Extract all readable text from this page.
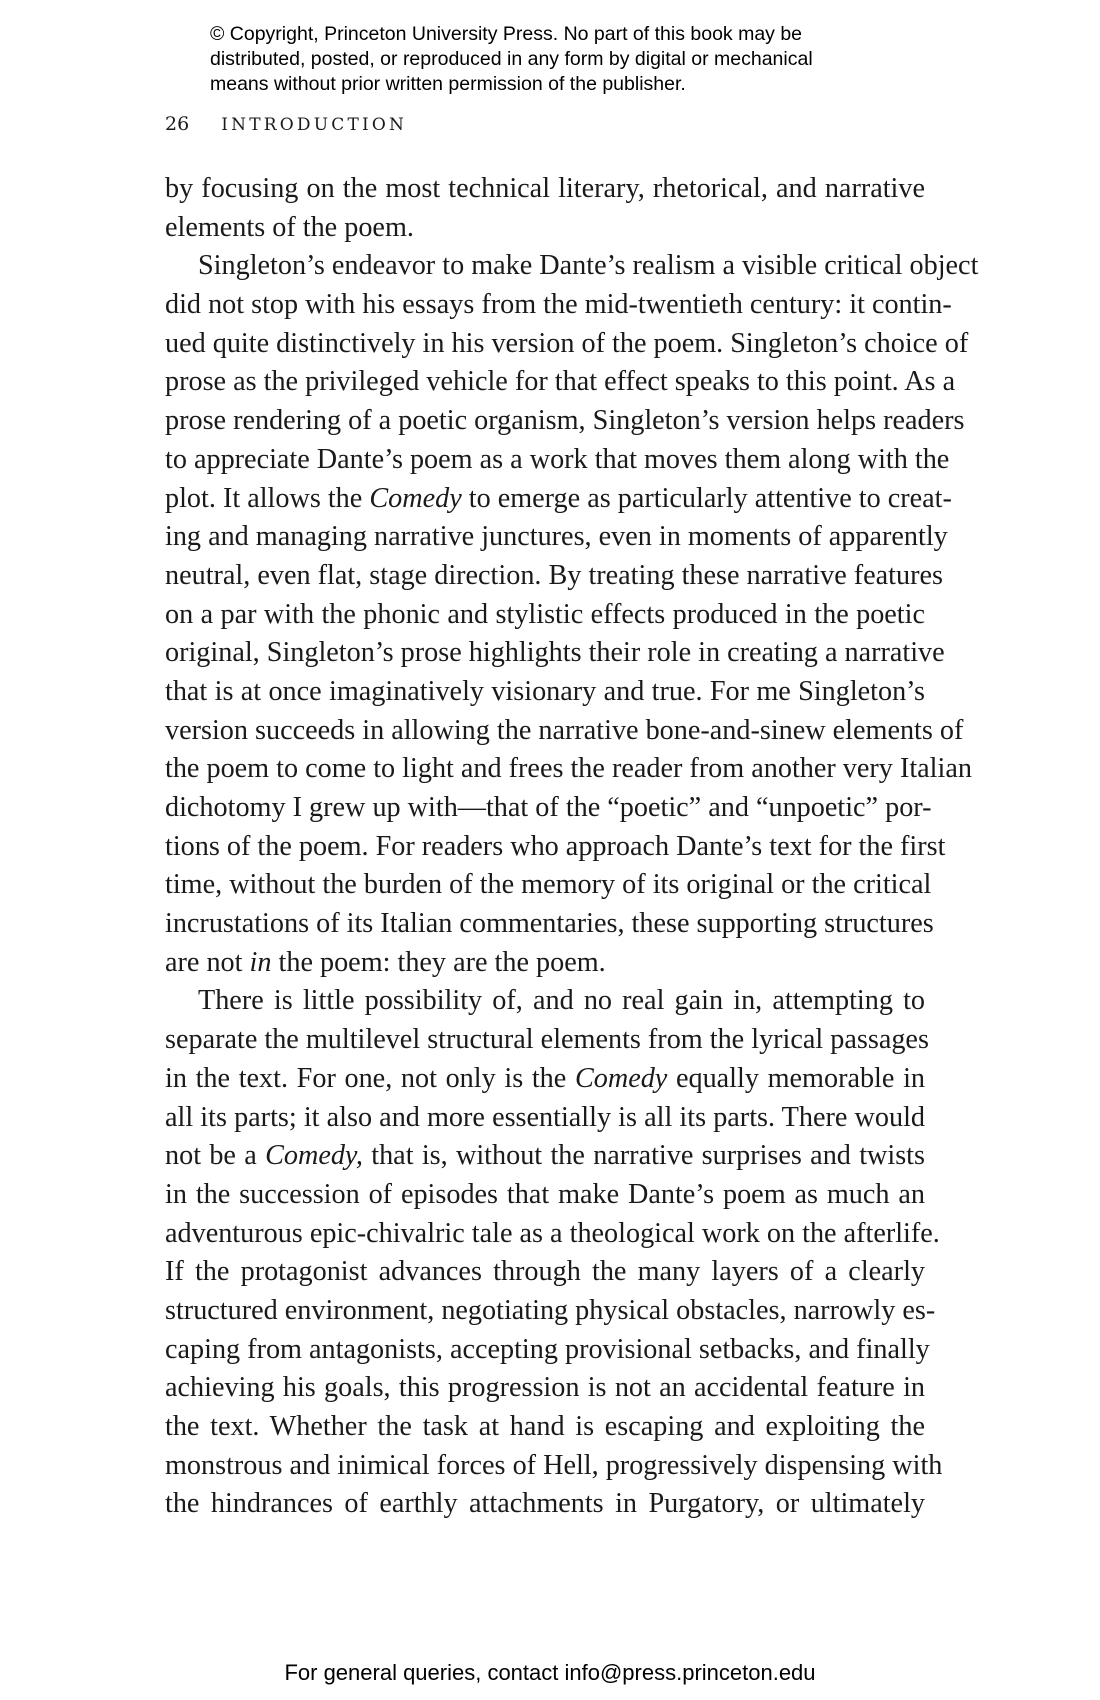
© Copyright, Princeton University Press. No part of this book may be
distributed, posted, or reproduced in any form by digital or mechanical
means without prior written permission of the publisher.
26 INTRODUCTION
by focusing on the most technical literary, rhetorical, and narrative
elements of the poem.
Singleton’s endeavor to make Dante’s realism a visible critical object
did not stop with his essays from the mid-twentieth century: it contin-
ued quite distinctively in his version of the poem. Singleton’s choice of
prose as the privileged vehicle for that effect speaks to this point. As a
prose rendering of a poetic organism, Singleton’s version helps readers
to appreciate Dante’s poem as a work that moves them along with the
plot. It allows the Comedy to emerge as particularly attentive to creat-
ing and managing narrative junctures, even in moments of apparently
neutral, even flat, stage direction. By treating these narrative features
on a par with the phonic and stylistic effects produced in the poetic
original, Singleton’s prose highlights their role in creating a narrative
that is at once imaginatively visionary and true. For me Singleton’s
version succeeds in allowing the narrative bone-and-sinew elements of
the poem to come to light and frees the reader from another very Italian
dichotomy I grew up with—that of the “poetic” and “unpoetic” por-
tions of the poem. For readers who approach Dante’s text for the first
time, without the burden of the memory of its original or the critical
incrustations of its Italian commentaries, these supporting structures
are not in the poem: they are the poem.
There is little possibility of, and no real gain in, attempting to
separate the multilevel structural elements from the lyrical passages
in the text. For one, not only is the Comedy equally memorable in
all its parts; it also and more essentially is all its parts. There would
not be a Comedy, that is, without the narrative surprises and twists
in the succession of episodes that make Dante’s poem as much an
adventurous epic-chivalric tale as a theological work on the afterlife.
If the protagonist advances through the many layers of a clearly
structured environment, negotiating physical obstacles, narrowly es-
caping from antagonists, accepting provisional setbacks, and finally
achieving his goals, this progression is not an accidental feature in
the text. Whether the task at hand is escaping and exploiting the
monstrous and inimical forces of Hell, progressively dispensing with
the hindrances of earthly attachments in Purgatory, or ultimately
For general queries, contact info@press.princeton.edu
